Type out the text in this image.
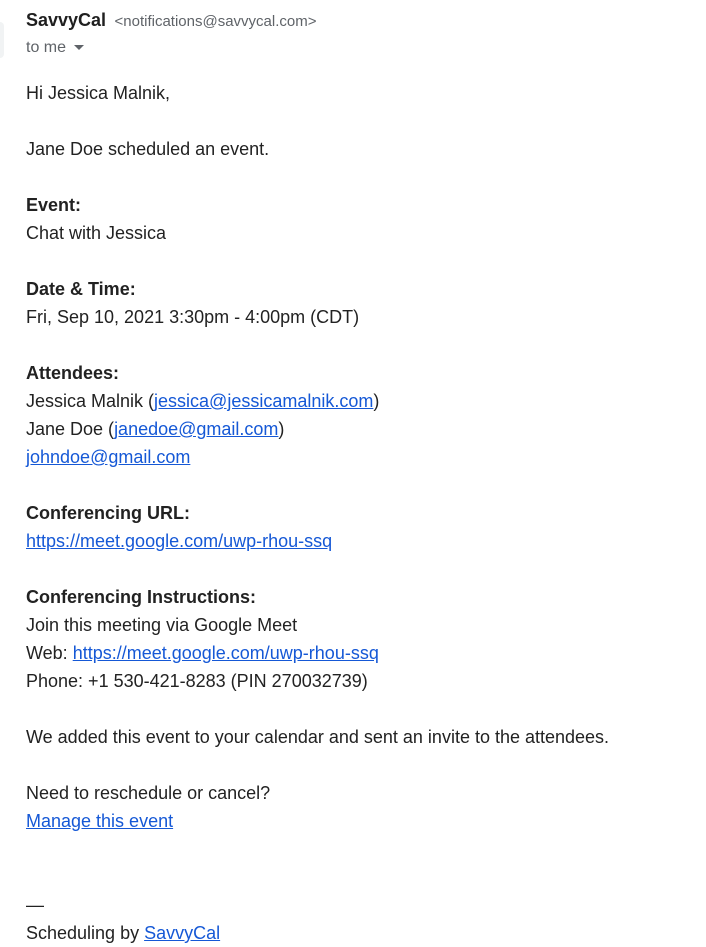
SavvyCal <notifications@savvycal.com>
to me

Hi Jessica Malnik,

Jane Doe scheduled an event.

Event:
Chat with Jessica

Date & Time:
Fri, Sep 10, 2021 3:30pm - 4:00pm (CDT)

Attendees:
Jessica Malnik (jessica@jessicamalnik.com)
Jane Doe (janedoe@gmail.com)
johndoe@gmail.com

Conferencing URL:
https://meet.google.com/uwp-rhou-ssq

Conferencing Instructions:
Join this meeting via Google Meet
Web: https://meet.google.com/uwp-rhou-ssq
Phone: +1 530-421-8283 (PIN 270032739)

We added this event to your calendar and sent an invite to the attendees.

Need to reschedule or cancel?
Manage this event

—
Scheduling by SavvyCal
